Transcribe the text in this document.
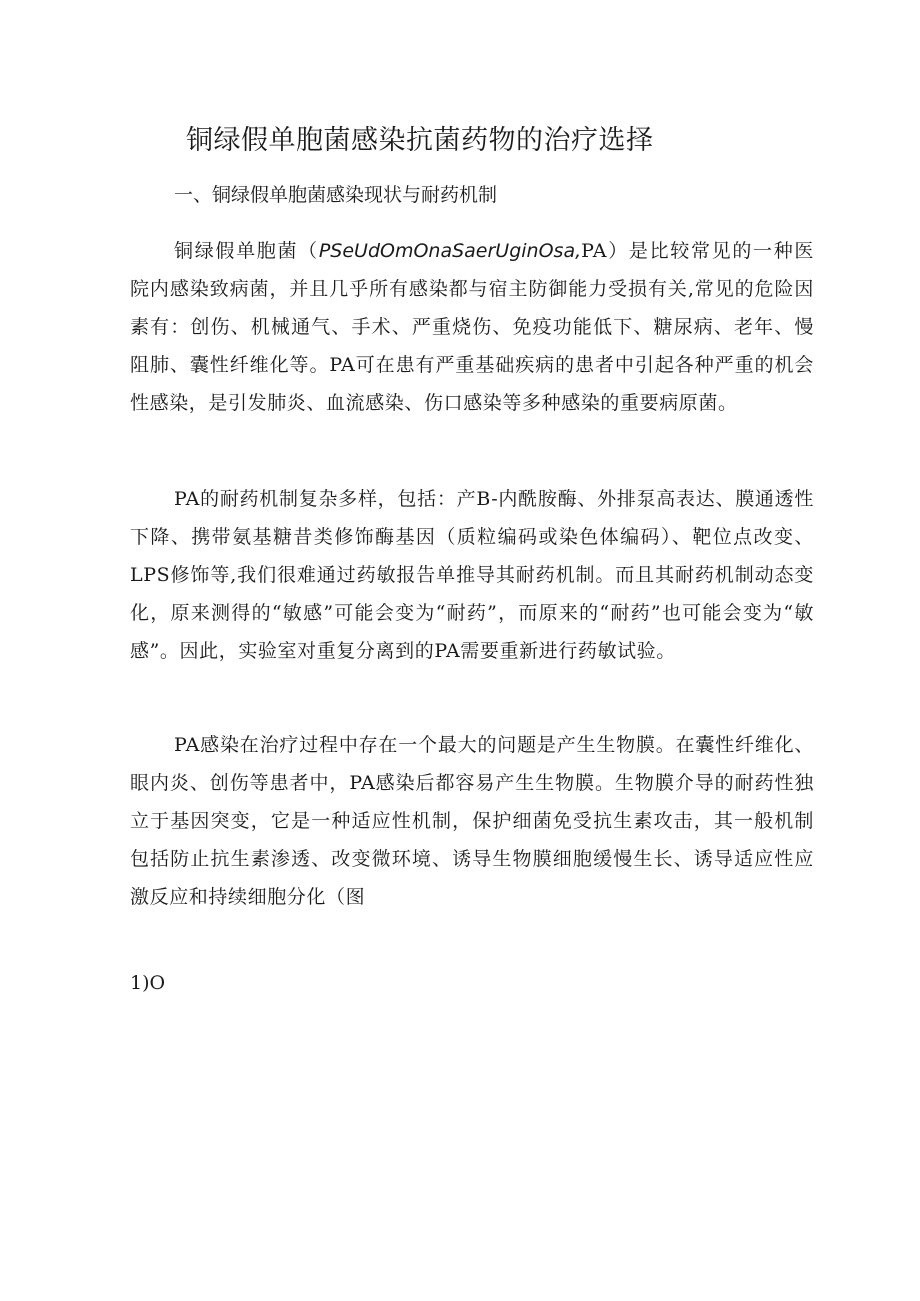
铜绿假单胞菌感染抗菌药物的治疗选择
一、铜绿假单胞菌感染现状与耐药机制

铜绿假单胞菌（PSeUdOmOnaSaerUginOsa,PA）是比较常见的一种医院内感染致病菌，并且几乎所有感染都与宿主防御能力受损有关,常见的危险因素有：创伤、机械通气、手术、严重烧伤、免疫功能低下、糖尿病、老年、慢阻肺、囊性纤维化等。PA可在患有严重基础疾病的患者中引起各种严重的机会性感染，是引发肺炎、血流感染、伤口感染等多种感染的重要病原菌。

PA的耐药机制复杂多样，包括：产B-内酰胺酶、外排泵高表达、膜通透性下降、携带氨基糖昔类修饰酶基因（质粒编码或染色体编码）、靶位点改变、LPS修饰等,我们很难通过药敏报告单推导其耐药机制。而且其耐药机制动态变化，原来测得的“敏感”可能会变为“耐药”，而原来的“耐药”也可能会变为“敏感”。因此，实验室对重复分离到的PA需要重新进行药敏试验。

PA感染在治疗过程中存在一个最大的问题是产生生物膜。在囊性纤维化、眼内炎、创伤等患者中，PA感染后都容易产生生物膜。生物膜介导的耐药性独立于基因突变，它是一种适应性机制，保护细菌免受抗生素攻击，其一般机制包括防止抗生素渗透、改变微环境、诱导生物膜细胞缓慢生长、诱导适应性应激反应和持续细胞分化（图

1)O
